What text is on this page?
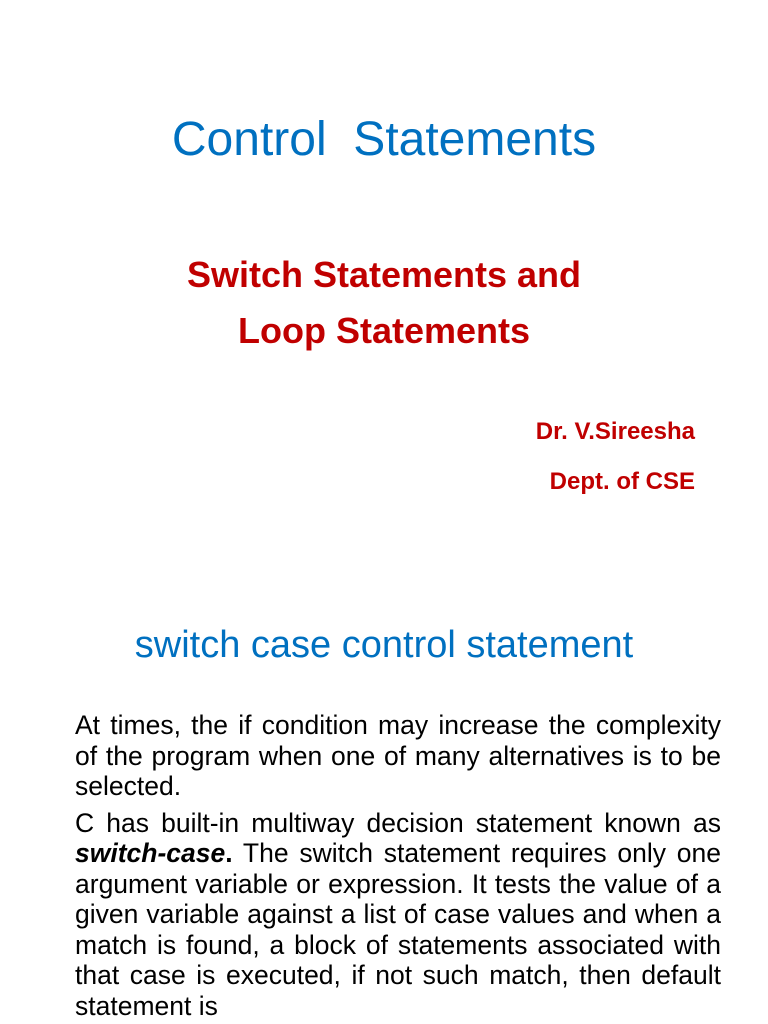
Control  Statements
Switch Statements and
Loop Statements
Dr. V.Sireesha
Dept. of CSE
switch case control statement

At times, the if condition may increase the complexity of the program when one of many alternatives is to be selected.

C has built-in multiway decision statement known as switch-case. The switch statement requires only one argument variable or expression. It tests the value of a given variable against a list of case values and when a match is found, a block of statements associated with that case is executed, if not such match, then default statement is
